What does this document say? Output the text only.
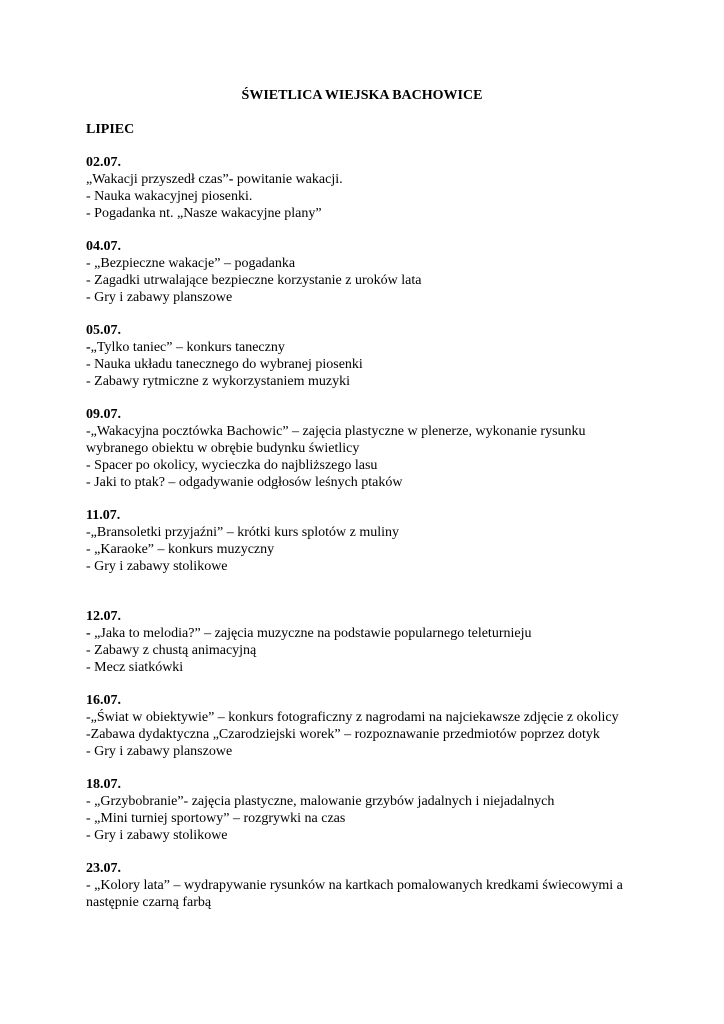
ŚWIETLICA WIEJSKA BACHOWICE
LIPIEC
02.07.
„Wakacji przyszedł czas”- powitanie wakacji.
- Nauka wakacyjnej piosenki.
- Pogadanka nt. „Nasze wakacyjne plany”
04.07.
- „Bezpieczne wakacje” – pogadanka
- Zagadki utrwalające bezpieczne korzystanie z uroków lata
- Gry i zabawy planszowe
05.07.
-„Tylko taniec” – konkurs taneczny
- Nauka układu tanecznego do wybranej piosenki
- Zabawy rytmiczne z wykorzystaniem muzyki
09.07.
-„Wakacyjna pocztówka Bachowic” – zajęcia plastyczne w plenerze, wykonanie rysunku wybranego obiektu w obrębie budynku świetlicy
- Spacer po okolicy, wycieczka do najbliższego lasu
- Jaki to ptak? – odgadywanie odgłosów leśnych ptaków
11.07.
-„Bransoletki przyjaźni” – krótki kurs splotów z muliny
- „Karaoke” – konkurs muzyczny
- Gry i zabawy stolikowe
12.07.
- „Jaka to melodia?” – zajęcia muzyczne na podstawie popularnego teleturnieju
- Zabawy z chustą animacyjną
- Mecz siatkówki
16.07.
-„Świat w obiektywie” – konkurs fotograficzny z nagrodami na najciekawsze zdjęcie z okolicy
-Zabawa dydaktyczna „Czarodziejski worek” – rozpoznawanie przedmiotów poprzez dotyk
- Gry i zabawy planszowe
18.07.
- „Grzybobranie”- zajęcia plastyczne, malowanie grzybów jadalnych i niejadalnych
- „Mini turniej sportowy” – rozgrywki na czas
- Gry i zabawy stolikowe
23.07.
- „Kolory lata” – wydrapywanie rysunków na kartkach pomalowanych kredkami świecowymi a następnie czarną farbą
